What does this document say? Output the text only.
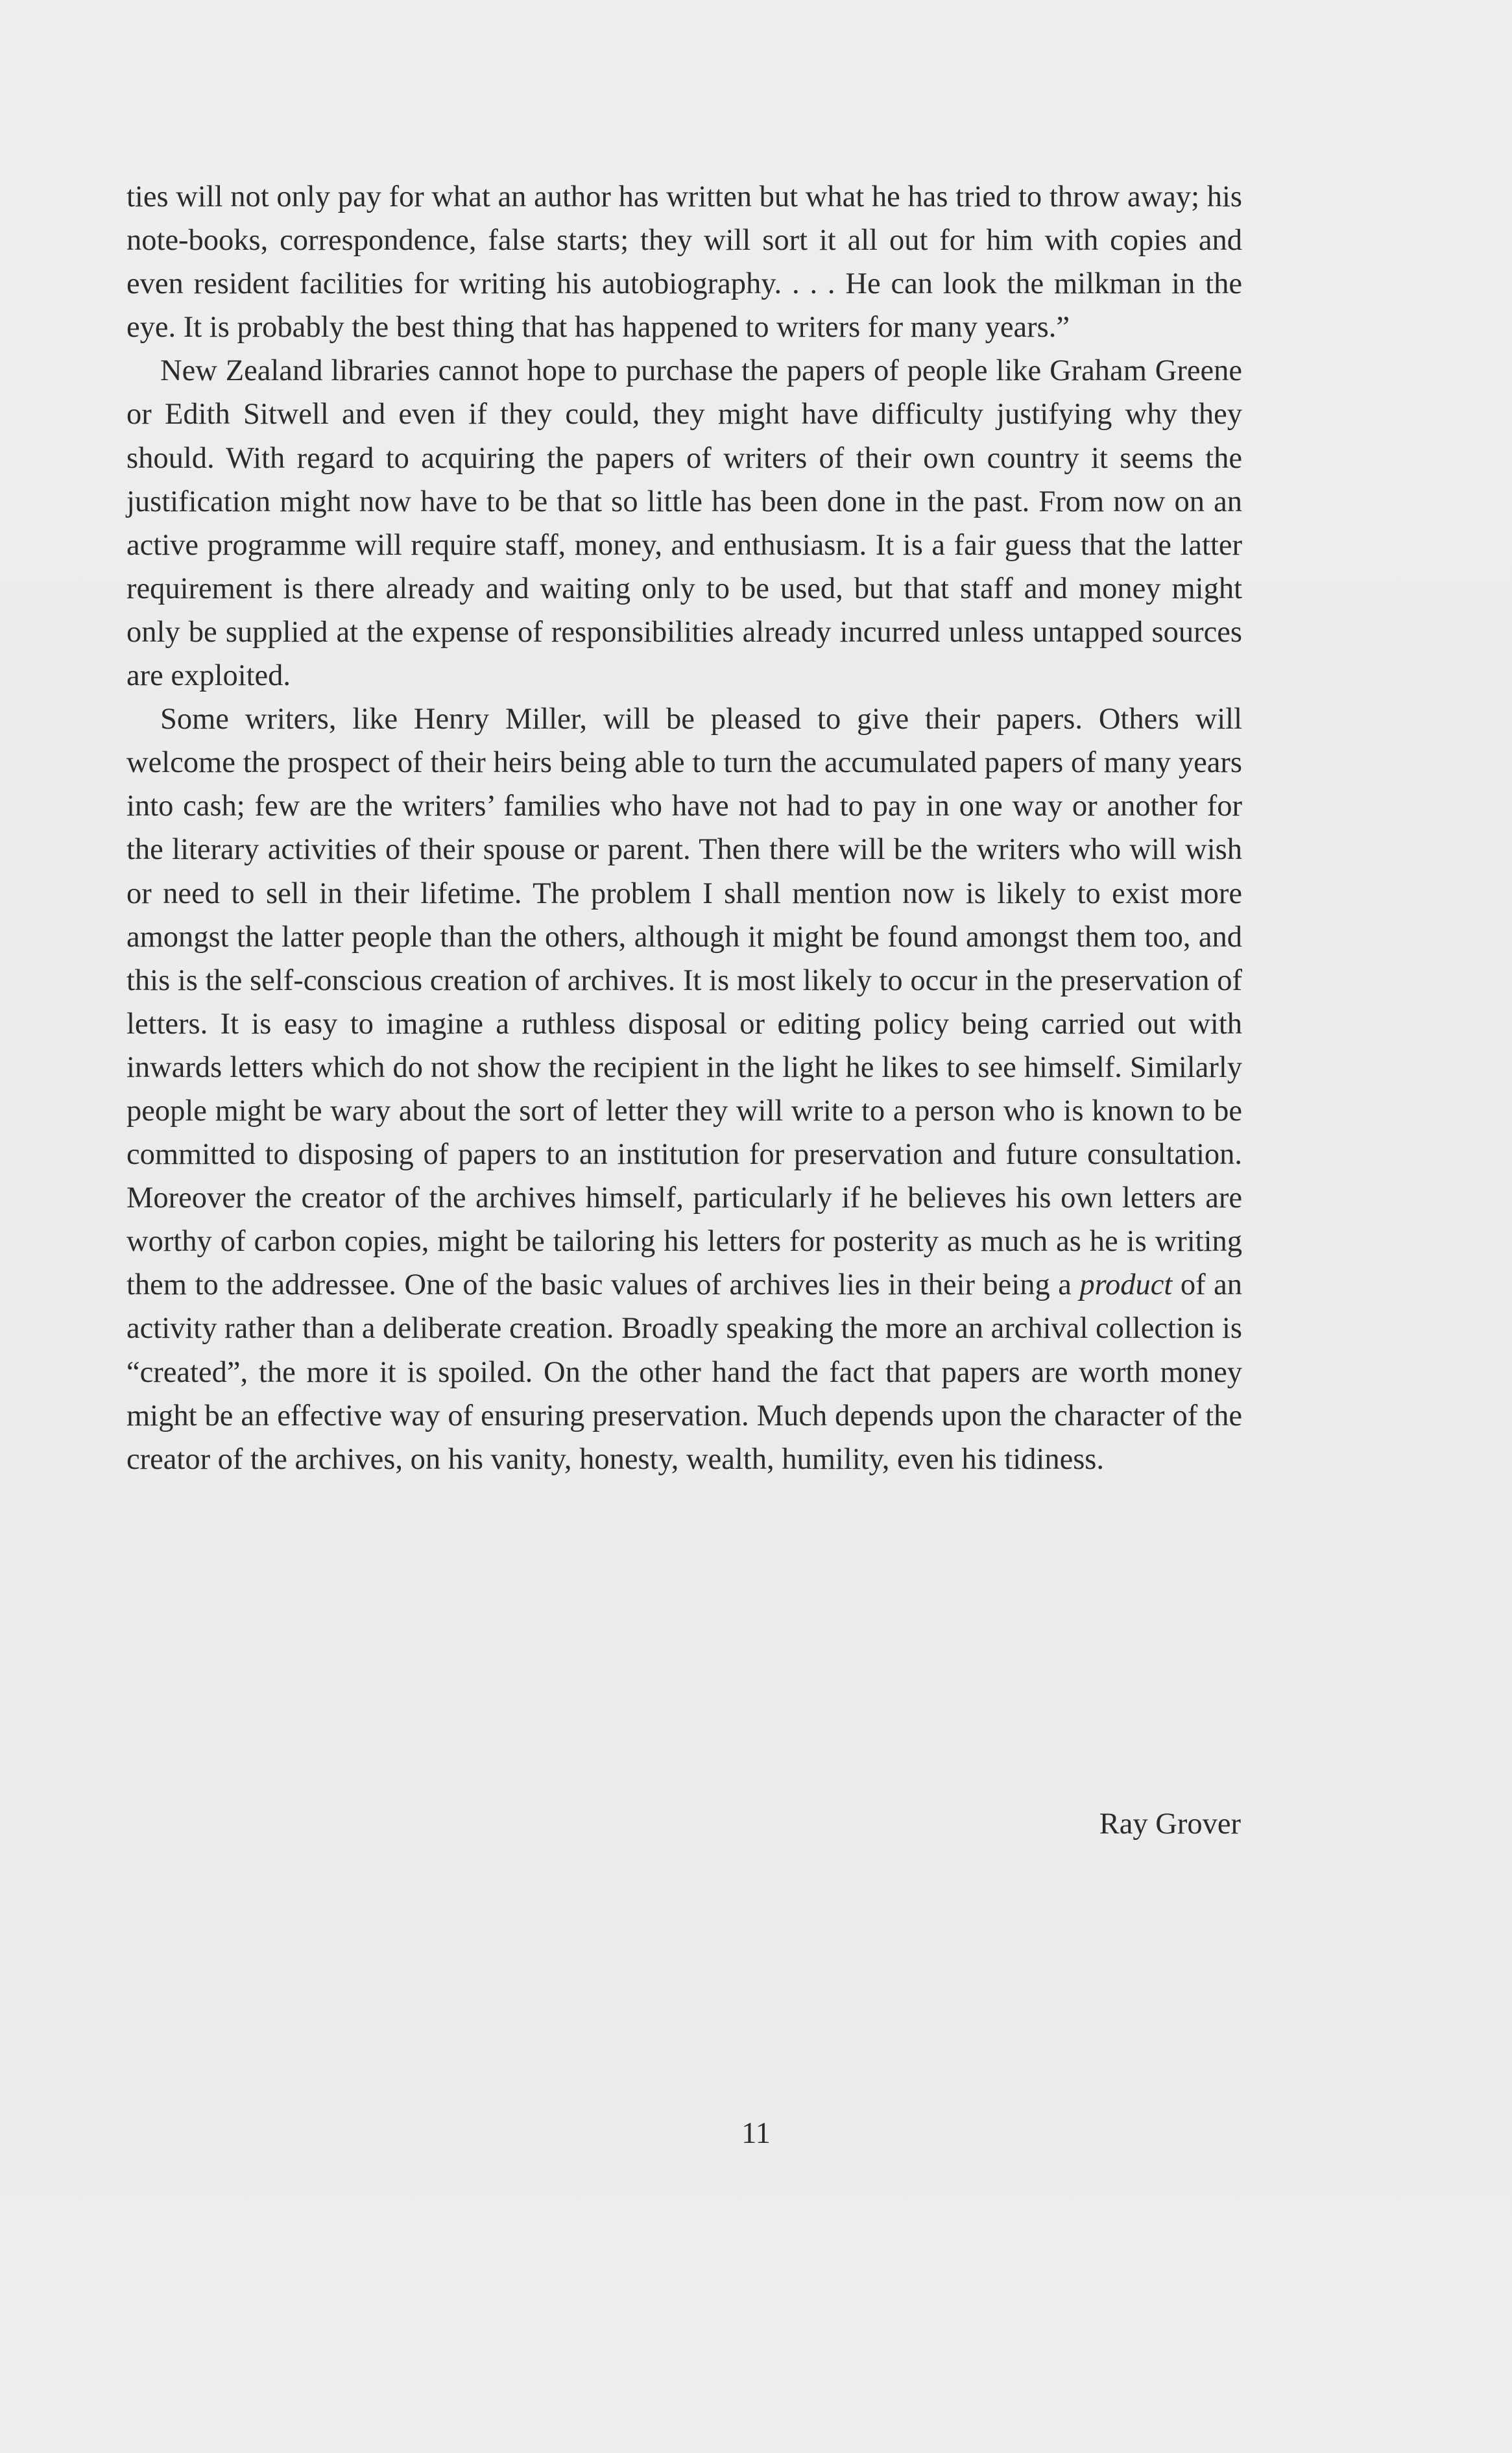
ties will not only pay for what an author has written but what he has tried to throw away; his note-books, correspondence, false starts; they will sort it all out for him with copies and even resident facilities for writing his autobiography. . . . He can look the milkman in the eye. It is probably the best thing that has happened to writers for many years.”

New Zealand libraries cannot hope to purchase the papers of people like Graham Greene or Edith Sitwell and even if they could, they might have difficulty justifying why they should. With regard to acquiring the papers of writers of their own country it seems the justification might now have to be that so little has been done in the past. From now on an active programme will require staff, money, and enthusiasm. It is a fair guess that the latter requirement is there already and waiting only to be used, but that staff and money might only be supplied at the expense of responsibilities already incurred unless untapped sources are exploited.

Some writers, like Henry Miller, will be pleased to give their papers. Others will welcome the prospect of their heirs being able to turn the accumulated papers of many years into cash; few are the writers’ families who have not had to pay in one way or another for the literary activities of their spouse or parent. Then there will be the writers who will wish or need to sell in their lifetime. The problem I shall mention now is likely to exist more amongst the latter people than the others, although it might be found amongst them too, and this is the self-conscious creation of archives. It is most likely to occur in the preservation of letters. It is easy to imagine a ruthless disposal or editing policy being carried out with inwards letters which do not show the recipient in the light he likes to see himself. Similarly people might be wary about the sort of letter they will write to a person who is known to be committed to disposing of papers to an institution for preservation and future consultation. Moreover the creator of the archives himself, particularly if he believes his own letters are worthy of carbon copies, might be tailoring his letters for posterity as much as he is writing them to the addressee. One of the basic values of archives lies in their being a product of an activity rather than a deliberate creation. Broadly speaking the more an archival collection is “created”, the more it is spoiled. On the other hand the fact that papers are worth money might be an effective way of ensuring preservation. Much depends upon the character of the creator of the archives, on his vanity, honesty, wealth, humility, even his tidiness.

Ray Grover
11
